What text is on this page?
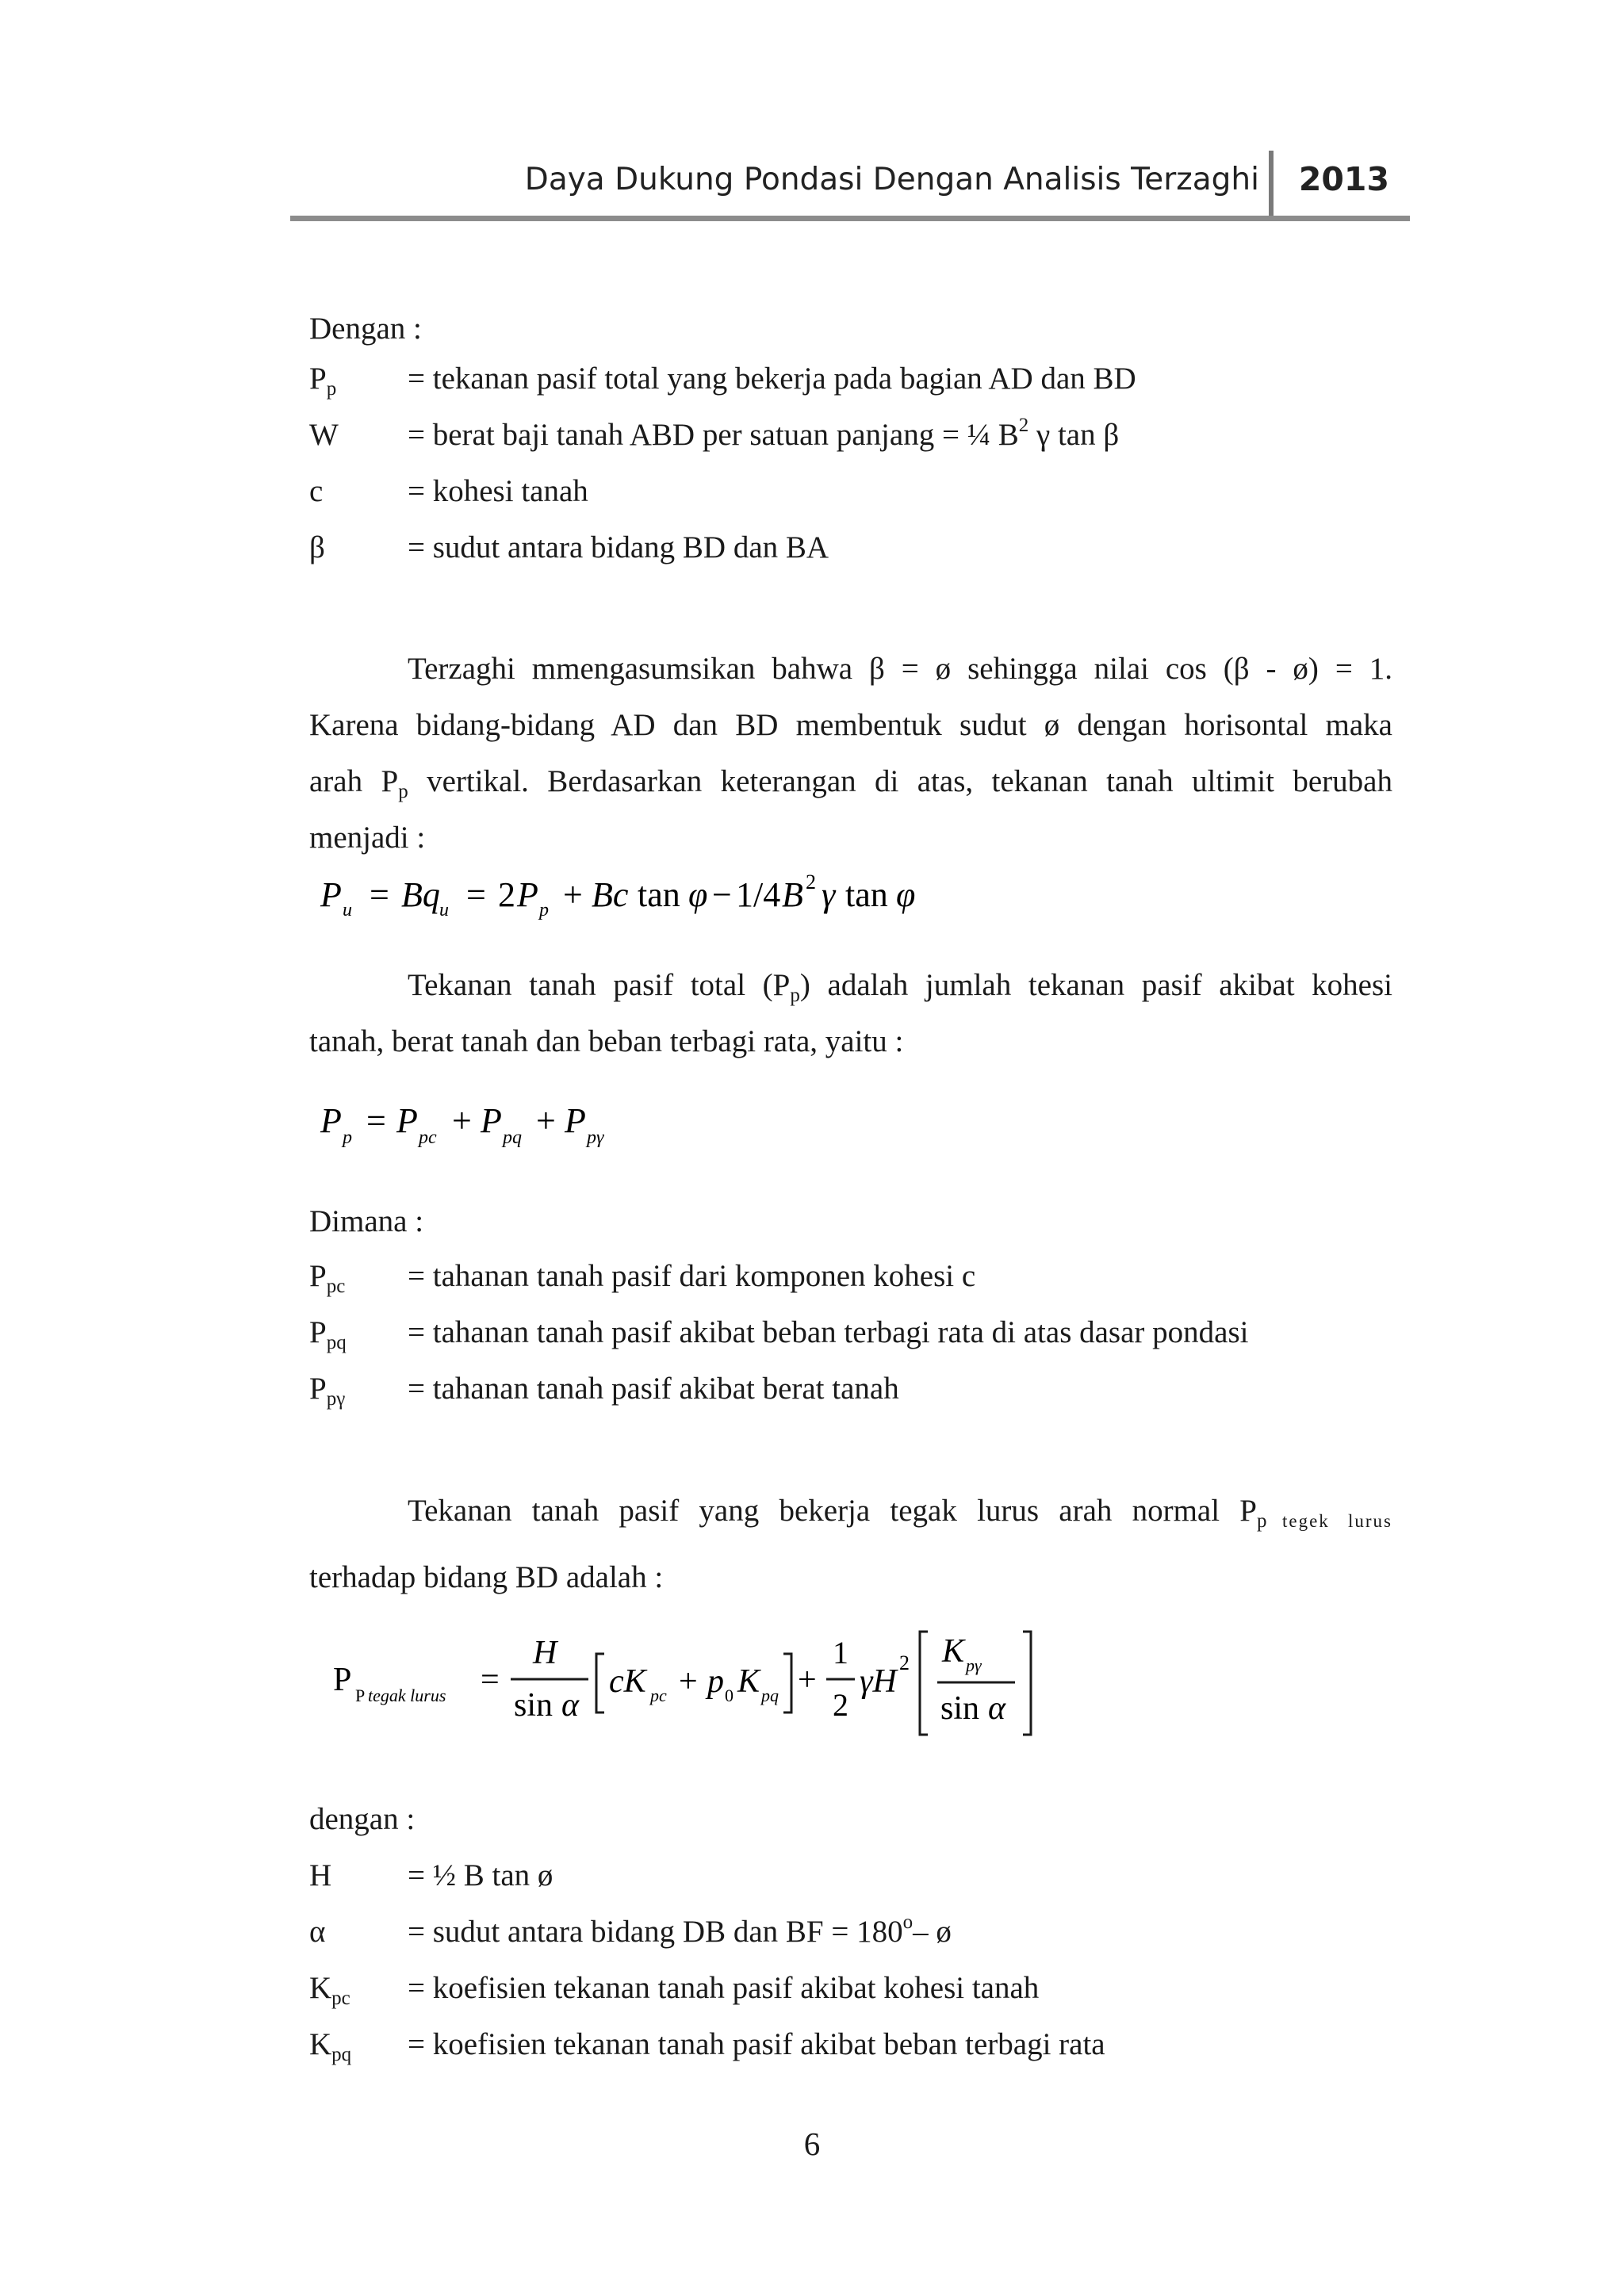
Daya Dukung Pondasi Dengan Analisis Terzaghi 2013
Dengan :
$P_p$ = tekanan pasif total yang bekerja pada bagian AD dan BD
W = berat baji tanah ABD per satuan panjang = ¼ $B^2$ γ tan β
c	= kohesi tanah
β	= sudut antara bidang BD dan BA
Terzaghi mmengasumsikan bahwa β = ø sehingga nilai cos (β - ø) = 1.
Karena bidang-bidang AD dan BD membentuk sudut ø dengan horisontal maka
arah $P_p$ vertikal. Berdasarkan keterangan di atas, tekanan tanah ultimit berubah
menjadi :
P u = Bq u = 2 P p + Bc tan φ − 1/4 B 2 γ tan φ
Tekanan tanah pasif total $(P_p)$ adalah jumlah tekanan pasif akibat kohesi
tanah, berat tanah dan beban terbagi rata, yaitu :
P p = P pc + P pq + P pγ
Dimana :
$P_{pc}$ = tahanan tanah pasif dari komponen kohesi c
$P_{pq}$ = tahanan tanah pasif akibat beban terbagi rata di atas dasar pondasi
$P_{p\gamma}$ = tahanan tanah pasif akibat berat tanah
Tekanan tanah pasif yang bekerja tegak lurus arah normal $P_p$  $_{tegek lurus}$
terhadap bidang BD adalah :
P P tegak lurus =
H
sin α
cK pc + p 0 K pq +
1
2
γH
2 K pγ
sin α
dengan :
H = ½ B tan ø
α	= sudut antara bidang DB dan BF = $180^o-$ ø
$K_{pc}$ = koefisien tekanan tanah pasif akibat kohesi tanah
$K_{pq}$ = koefisien tekanan tanah pasif akibat beban terbagi rata
6
